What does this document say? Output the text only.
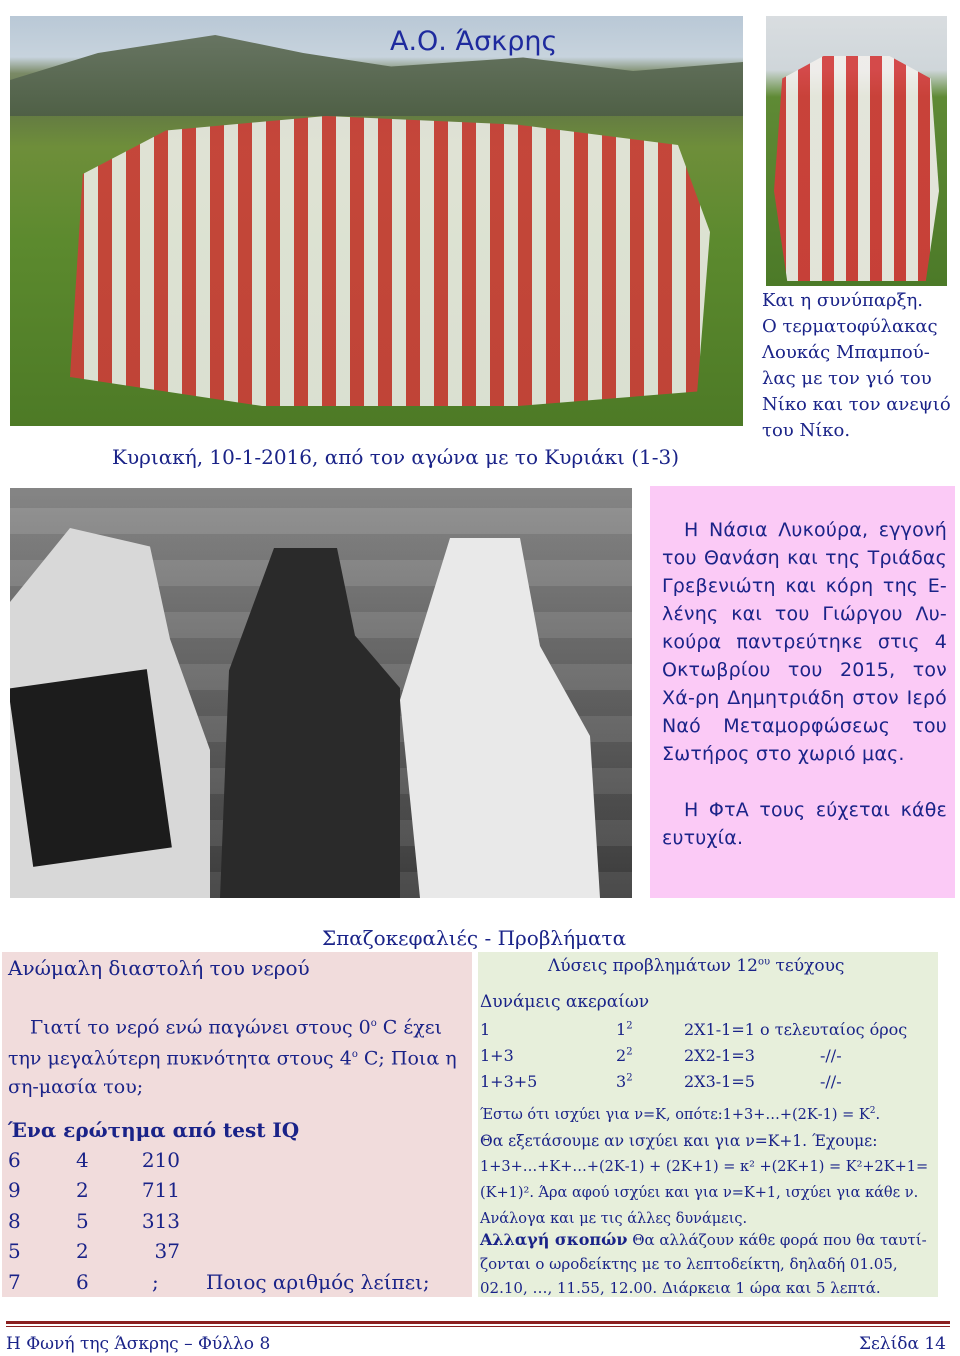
Α.Ο. Άσκρης
Και η συνύπαρξη.
Ο τερματοφύλακας
Λουκάς Μπαμπού-
λας με τον γιό του
Νίκο και τον ανεψιό
του Νίκο.
Κυριακή, 10-1-2016, από τον αγώνα με το Κυριάκι (1-3)

Η Νάσια Λυκούρα, εγγονή του Θανάση και της Τριάδας Γρεβενιώτη και κόρη της Ε-λένης και του Γιώργου Λυ-κούρα παντρεύτηκε στις 4 Οκτωβρίου του 2015, τον Χά-ρη Δημητριάδη στον Ιερό Ναό Μεταμορφώσεως του Σωτήρος στο χωριό μας.

Η ΦτΑ τους εύχεται κάθε ευτυχία.

Σπαζοκεφαλιές - Προβλήματα
Ανώμαλη διαστολή του νερού
Γιατί το νερό ενώ παγώνει στους $0^o$ C έχει την μεγαλύτερη πυκνότητα στους $4^o$ C; Ποια η ση-μασία του;
Ένα ερώτημα από test IQ
6	4	210
9	2	711
8	5	313
5	2	37
7	6	;	Ποιος αριθμός λείπει;
Λύσεις προβλημάτων $12^{o\upsilon}$ τεύχους
Δυνάμεις ακεραίων
1	$1^2$	2Χ1-1=1 ο τελευταίος όρος
1+3	$2^2$	2Χ2-1=3	-//-
1+3+5	$3^2$	2Χ3-1=5	-//-
Έστω ότι ισχύει για ν=Κ, οπότε:1+3+…+(2Κ-1) = $K^2$.
Θα εξετάσουμε αν ισχύει και για ν=Κ+1. Έχουμε:
1+3+…+Κ+…+(2Κ-1) + (2Κ+1) = κ² +(2Κ+1) = Κ²+2Κ+1=
(Κ+1)². Άρα αφού ισχύει και για ν=Κ+1, ισχύει για κάθε ν.
Ανάλογα και με τις άλλες δυνάμεις.
Αλλαγή σκοπών Θα αλλάζουν κάθε φορά που θα ταυτί-ζονται ο ωροδείκτης με το λεπτοδείκτη, δηλαδή 01.05, 02.10, …, 11.55, 12.00. Διάρκεια 1 ώρα και 5 λεπτά.
Η Φωνή της Άσκρης – Φύλλο 8	Σελίδα 14
